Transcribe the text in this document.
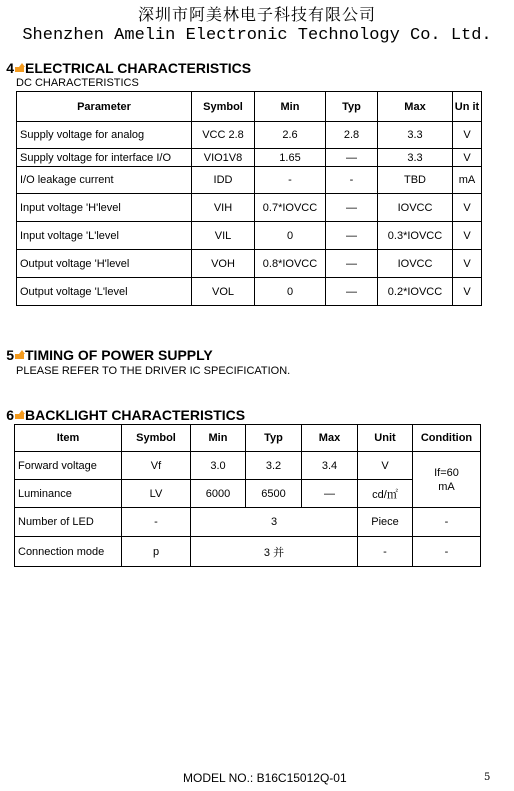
深圳市阿美林电子科技有限公司
Shenzhen Amelin Electronic Technology Co. Ltd.
4 ELECTRICAL CHARACTERISTICS
DC CHARACTERISTICS
Parameter	Symbol	Min	Typ	Max	Un it
Supply voltage for analog	VCC 2.8	2.6	2.8	3.3	V
Supply voltage for interface I/O	VIO1V8	1.65	—	3.3	V
I/O leakage current	IDD	-	-	TBD	mA
Input voltage 'H'level	VIH	0.7*IOVCC	—	IOVCC	V
Input voltage 'L'level	VIL	0	—	0.3*IOVCC	V
Output voltage 'H'level	VOH	0.8*IOVCC	—	IOVCC	V
Output voltage 'L'level	VOL	0	—	0.2*IOVCC	V
5 TIMING OF POWER SUPPLY
PLEASE REFER TO THE DRIVER IC SPECIFICATION.
6 BACKLIGHT CHARACTERISTICS
Item	Symbol	Min	Typ	Max	Unit	Condition
Forward voltage	Vf	3.0	3.2	3.4	V	If=60 mA
Luminance	LV	6000	6500	—	cd/㎡	
Number of LED	-	3			Piece	-
Connection mode	p	3 并			-	-
MODEL NO.: B16C15012Q-01	5
